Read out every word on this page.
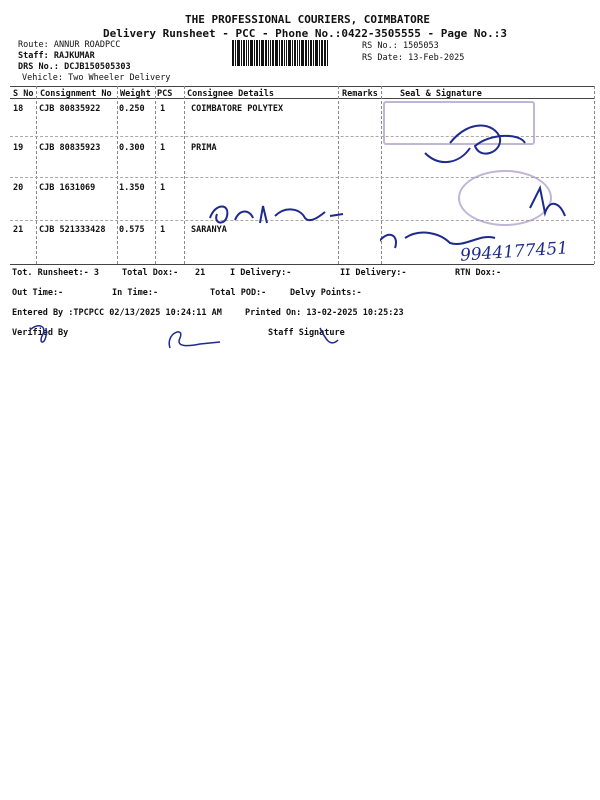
THE PROFESSIONAL COURIERS, COIMBATORE
Delivery Runsheet - PCC - Phone No.:0422-3505555 - Page No.:3
Route: ANNUR ROADPCC
Staff: RAJKUMAR
DRS No.: DCJB150505303
Vehicle: Two Wheeler Delivery
RS No.: 1505053
RS Date: 13-Feb-2025
S No Consignment No Weight PCS Consignee Details	Remarks	Seal & Signature
18 CJB 80835922 0.250 1	COIMBATORE POLYTEX
19 CJB 80835923 0.300 1	PRIMA
20 CJB 1631069	1.350 1
21 CJB 521333428 0.575 1	SARANYA
9944177451
Tot. Runsheet:- 3	Total Dox:- 21	I Delivery:-	II Delivery:-	RTN Dox:-
Out Time:-	In Time:-	Total POD:-	Delvy Points:-
Entered By :TPCPCC 02/13/2025 10:24:11 AM	Printed On: 13-02-2025 10:25:23
Verified By	Staff Signature
